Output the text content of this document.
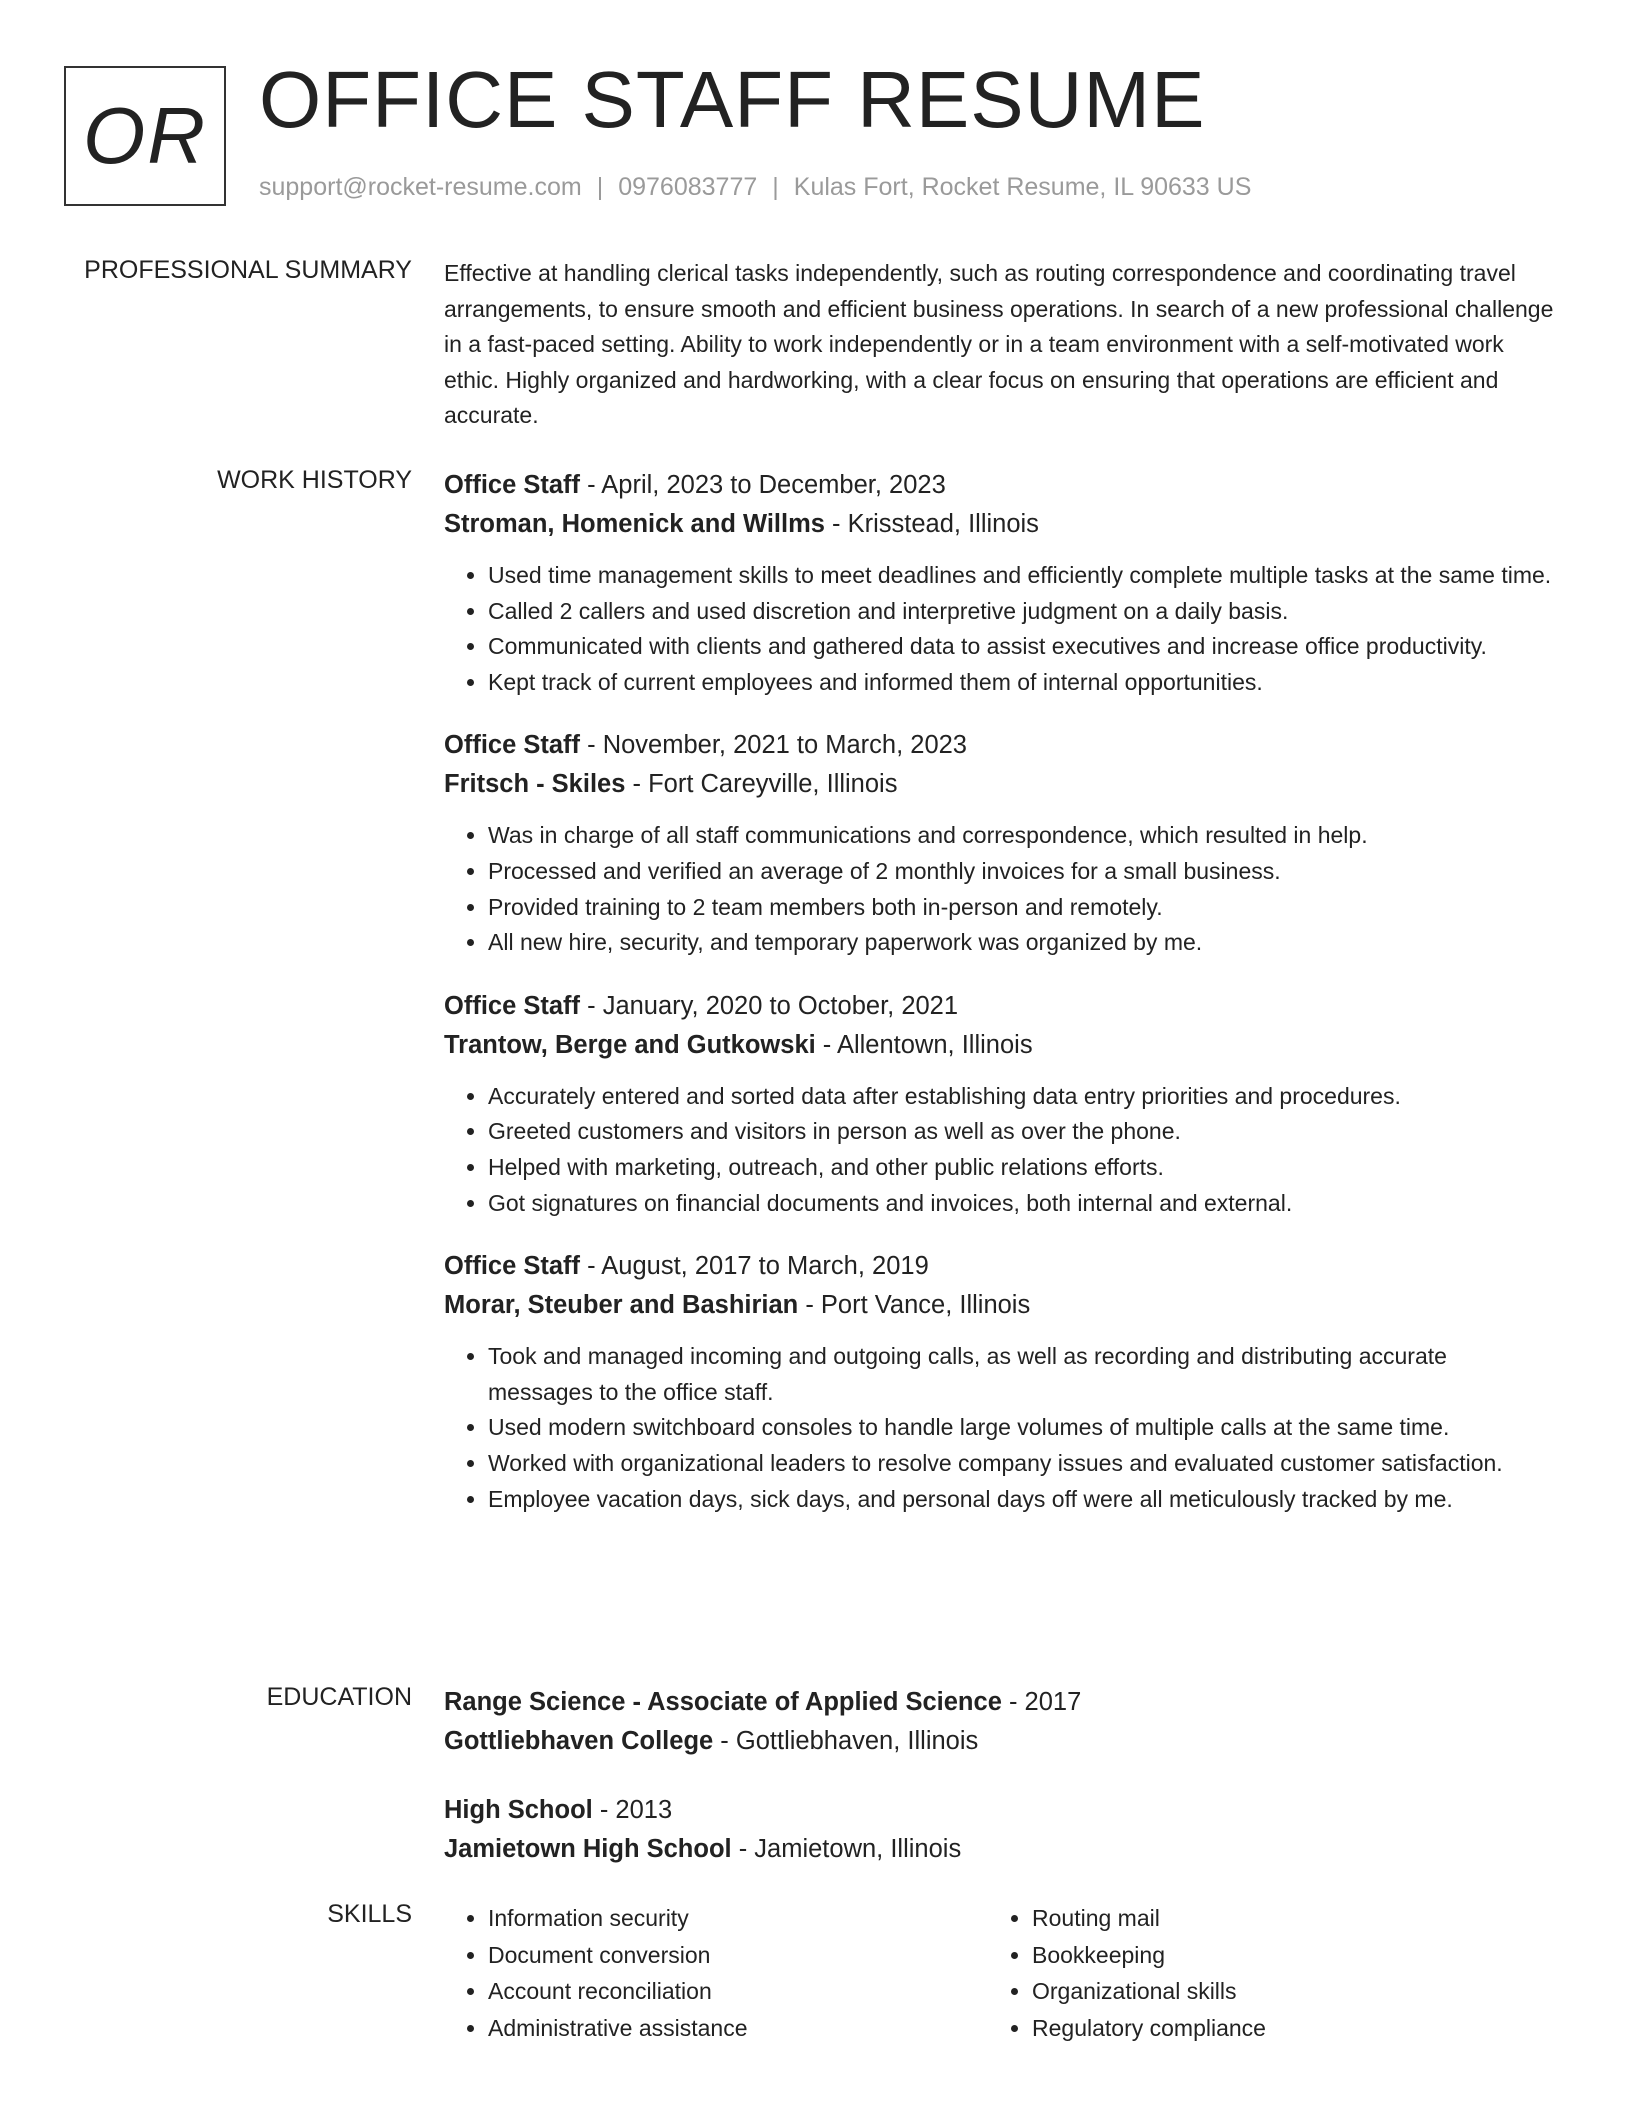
OR OFFICE STAFF RESUME
support@rocket-resume.com | 0976083777 | Kulas Fort, Rocket Resume, IL 90633 US
PROFESSIONAL SUMMARY Effective at handling clerical tasks independently, such as routing correspondence and coordinating travel arrangements, to ensure smooth and efficient business operations. In search of a new professional challenge in a fast-paced setting. Ability to work independently or in a team environment with a self-motivated work ethic. Highly organized and hardworking, with a clear focus on ensuring that operations are efficient and accurate.

WORK HISTORY Office Staff - April, 2023 to December, 2023
Stroman, Homenick and Willms - Krisstead, Illinois
• Used time management skills to meet deadlines and efficiently complete multiple tasks at the same time.
• Called 2 callers and used discretion and interpretive judgment on a daily basis.
• Communicated with clients and gathered data to assist executives and increase office productivity.
• Kept track of current employees and informed them of internal opportunities.
Office Staff - November, 2021 to March, 2023
Fritsch - Skiles - Fort Careyville, Illinois
• Was in charge of all staff communications and correspondence, which resulted in help.
• Processed and verified an average of 2 monthly invoices for a small business.
• Provided training to 2 team members both in-person and remotely.
• All new hire, security, and temporary paperwork was organized by me.
Office Staff - January, 2020 to October, 2021
Trantow, Berge and Gutkowski - Allentown, Illinois
• Accurately entered and sorted data after establishing data entry priorities and procedures.
• Greeted customers and visitors in person as well as over the phone.
• Helped with marketing, outreach, and other public relations efforts.
• Got signatures on financial documents and invoices, both internal and external.
Office Staff - August, 2017 to March, 2019
Morar, Steuber and Bashirian - Port Vance, Illinois
• Took and managed incoming and outgoing calls, as well as recording and distributing accurate messages to the office staff.
• Used modern switchboard consoles to handle large volumes of multiple calls at the same time.
• Worked with organizational leaders to resolve company issues and evaluated customer satisfaction.
• Employee vacation days, sick days, and personal days off were all meticulously tracked by me.
EDUCATION Range Science - Associate of Applied Science - 2017
Gottliebhaven College - Gottliebhaven, Illinois
High School - 2013
Jamietown High School - Jamietown, Illinois
SKILLS
•	Information security
• Document conversion
• Account reconciliation
• Administrative assistance
• Routing mail
• Bookkeeping
• Organizational skills
• Regulatory compliance
